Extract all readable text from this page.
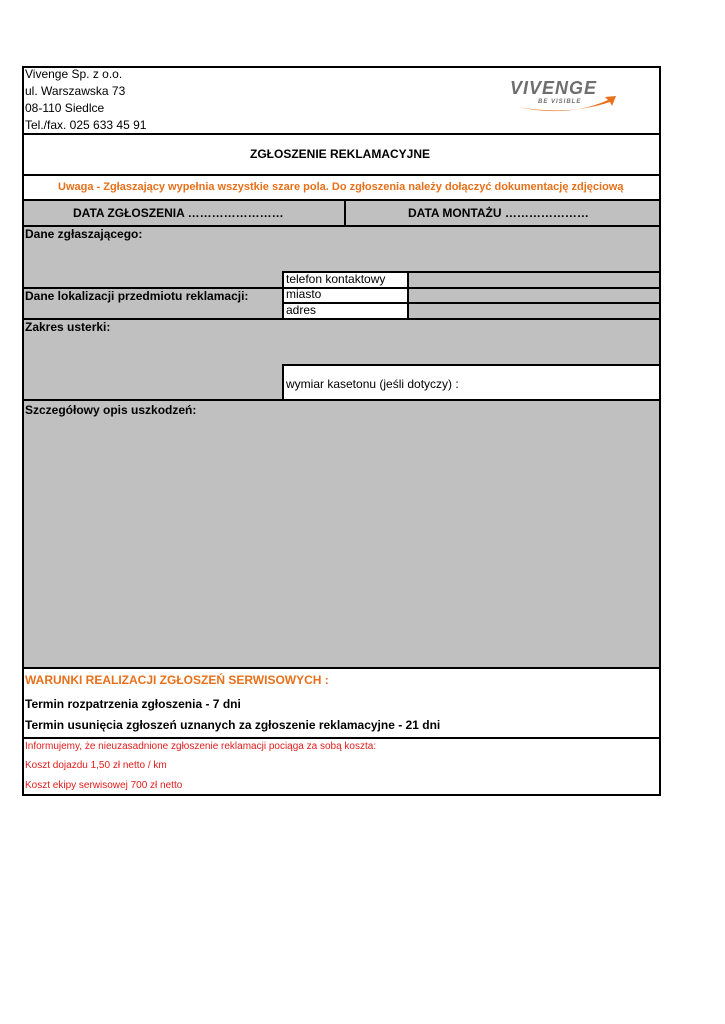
Vivenge Sp. z o.o.
ul. Warszawska 73
08-110 Siedlce
Tel./fax. 025 633 45 91
VIVENGE
BE VISIBLE
ZGŁOSZENIE REKLAMACYJNE
Uwaga - Zgłaszający wypełnia wszystkie szare pola. Do zgłoszenia należy dołączyć dokumentację zdjęciową
DATA ZGŁOSZENIA ……………………	DATA MONTAŻU …………………
Dane zgłaszającego:
Dane lokalizacji przedmiotu reklamacji:
telefon kontaktowy
miasto
adres
Zakres usterki:
wymiar kasetonu (jeśli dotyczy) :
Szczegółowy opis uszkodzeń:
WARUNKI REALIZACJI ZGŁOSZEŃ SERWISOWYCH :
Termin rozpatrzenia zgłoszenia - 7 dni
Termin usunięcia zgłoszeń uznanych za zgłoszenie reklamacyjne - 21 dni
Informujemy, że nieuzasadnione zgłoszenie reklamacji pociąga za sobą koszta:
Koszt dojazdu 1,50 zł netto / km
Koszt ekipy serwisowej 700 zł netto
